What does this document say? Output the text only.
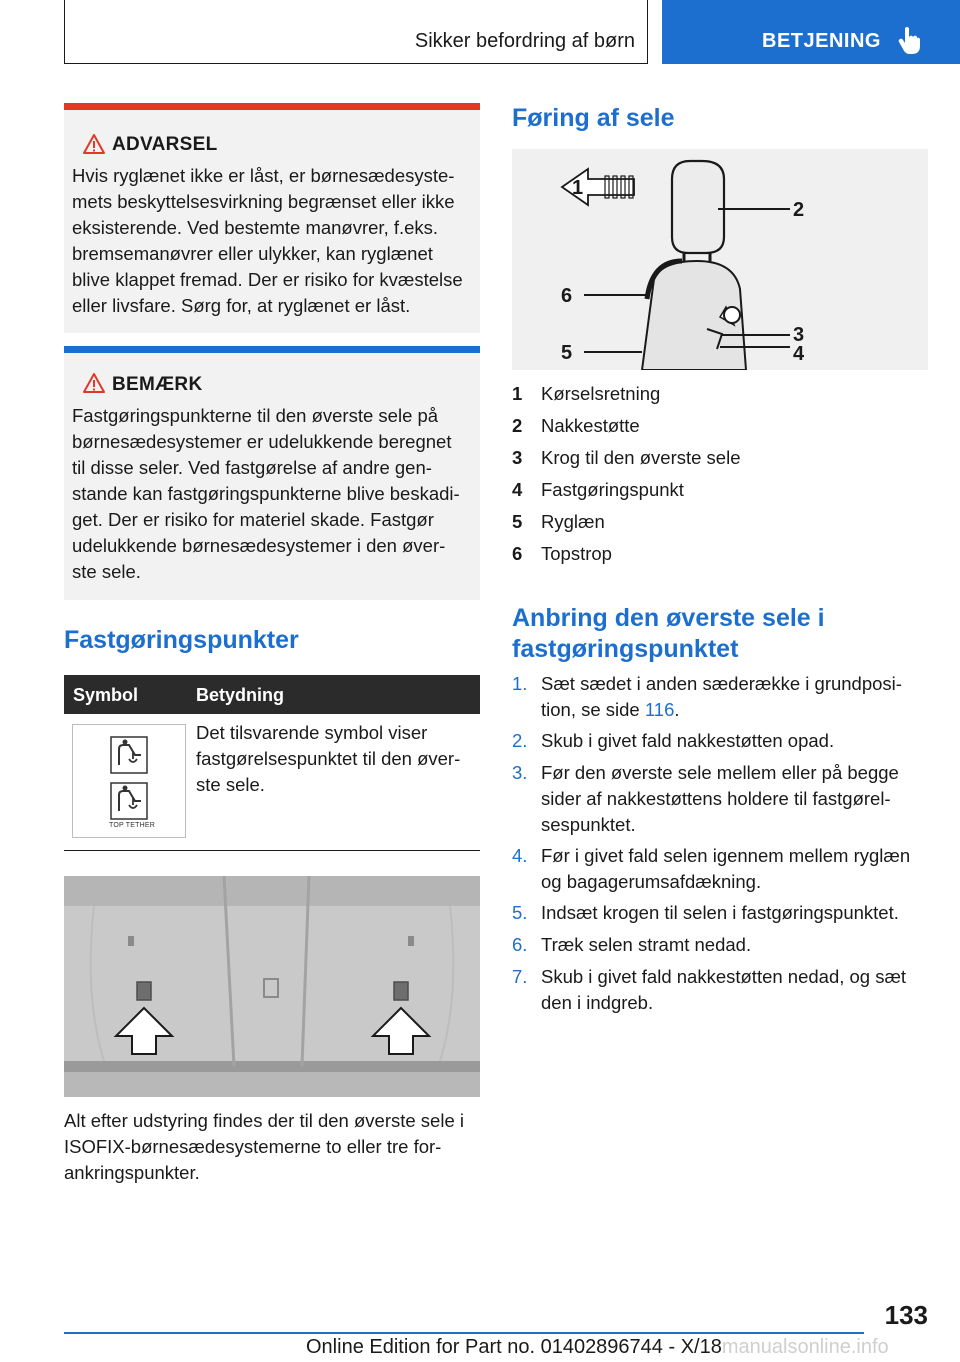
Sikker befordring af børn	BETJENING
ADVARSEL
Hvis ryglænet ikke er låst, er børnesædesyste-
mets beskyttelsesvirkning begrænset eller ikke
eksisterende. Ved bestemte manøvrer, f.eks.
bremsemanøvrer eller ulykker, kan ryglænet
blive klappet fremad. Der er risiko for kvæstelse
eller livsfare. Sørg for, at ryglænet er låst.
BEMÆRK
Fastgøringspunkterne til den øverste sele på
børnesædesystemer er udelukkende beregnet
til disse seler. Ved fastgørelse af andre gen-
stande kan fastgøringspunkterne blive beskadi-
get. Der er risiko for materiel skade. Fastgør
udelukkende børnesædesystemer i den øver-
ste sele.
Fastgøringspunkter
Symbol	Betydning
TOP TETHER
Det tilsvarende symbol viser
fastgørelsespunktet til den øver-
ste sele.
Alt efter udstyring findes der til den øverste sele i
ISOFIX-børnesædesystemerne to eller tre for-
ankringspunkter.
Føring af sele
1
2
3
4
5
6
1 Kørselsretning
2 Nakkestøtte
3 Krog til den øverste sele
4 Fastgøringspunkt
5 Ryglæn
6 Topstrop
Anbring den øverste sele i
fastgøringspunktet
1. Sæt sædet i anden sæderække i grundposi-
tion, se side 116.
2. Skub i givet fald nakkestøtten opad.
3. Før den øverste sele mellem eller på begge
sider af nakkestøttens holdere til fastgørel-
sespunktet.
4. Før i givet fald selen igennem mellem ryglæn
og bagagerumsafdækning.
5. Indsæt krogen til selen i fastgøringspunktet.
6. Træk selen stramt nedad.
7. Skub i givet fald nakkestøtten nedad, og sæt
den i indgreb.
133
Online Edition for Part no. 01402896744 - X/18manualsonline.info
